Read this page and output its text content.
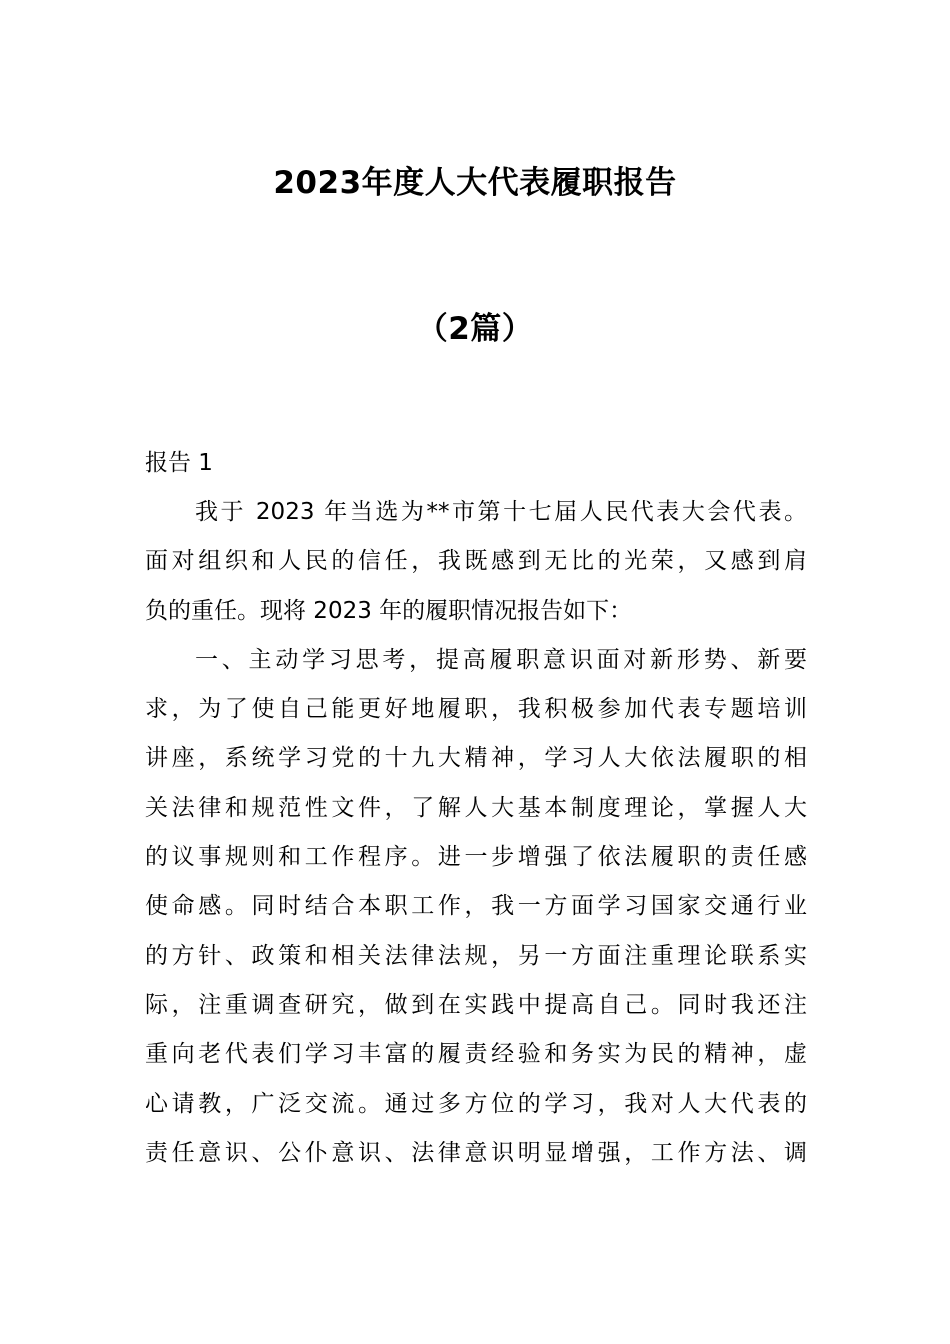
2023年度人大代表履职报告
（2篇）
报告 1
我于 2023 年当选为**市第十七届人民代表大会代表。
面对组织和人民的信任，我既感到无比的光荣，又感到肩
负的重任。现将 2023 年的履职情况报告如下：
一、主动学习思考，提高履职意识面对新形势、新要
求，为了使自己能更好地履职，我积极参加代表专题培训
讲座，系统学习党的十九大精神，学习人大依法履职的相
关法律和规范性文件，了解人大基本制度理论，掌握人大
的议事规则和工作程序。进一步增强了依法履职的责任感
使命感。同时结合本职工作，我一方面学习国家交通行业
的方针、政策和相关法律法规，另一方面注重理论联系实
际，注重调查研究，做到在实践中提高自己。同时我还注
重向老代表们学习丰富的履责经验和务实为民的精神，虚
心请教，广泛交流。通过多方位的学习，我对人大代表的
责任意识、公仆意识、法律意识明显增强，工作方法、调
